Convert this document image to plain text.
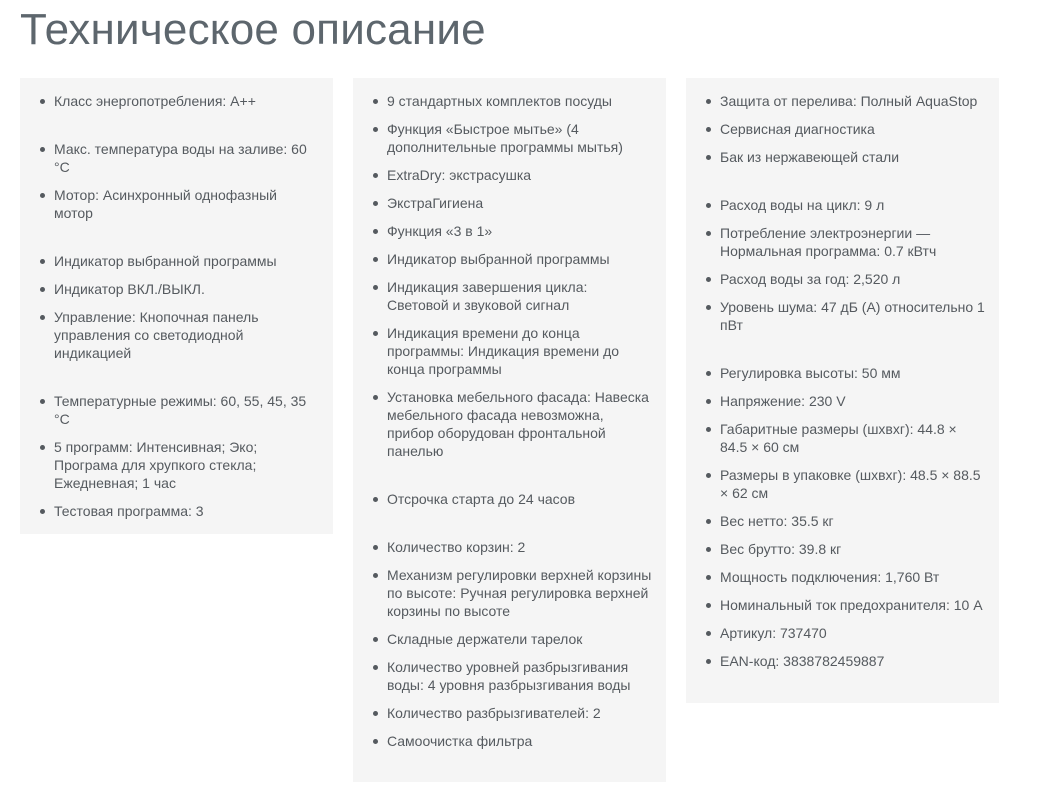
Техническое описание
Класс энергопотребления: A++
Макс. температура воды на заливе: 60 °C
Мотор: Асинхронный однофазный мотор
Индикатор выбранной программы
Индикатор ВКЛ./ВЫКЛ.
Управление: Кнопочная панель управления со светодиодной индикацией
Температурные режимы: 60, 55, 45, 35 °C
5 программ: Интенсивная; Эко; Програма для хрупкого стекла; Ежедневная; 1 час
Тестовая программа: 3
9 стандартных комплектов посуды
Функция «Быстрое мытье» (4 дополнительные программы мытья)
ExtraDry: экстрасушка
ЭкстраГигиена
Функция «3 в 1»
Индикатор выбранной программы
Индикация завершения цикла: Световой и звуковой сигнал
Индикация времени до конца программы: Индикация времени до конца программы
Установка мебельного фасада: Навеска мебельного фасада невозможна, прибор оборудован фронтальной панелью
Отсрочка старта до 24 часов
Количество корзин: 2
Механизм регулировки верхней корзины по высоте: Ручная регулировка верхней корзины по высоте
Складные держатели тарелок
Количество уровней разбрызгивания воды: 4 уровня разбрызгивания воды
Количество разбрызгивателей: 2
Самоочистка фильтра
Защита от перелива: Полный AquaStop
Сервисная диагностика
Бак из нержавеющей стали
Расход воды на цикл: 9 л
Потребление электроэнергии — Нормальная программа: 0.7 кВтч
Расход воды за год: 2,520 л
Уровень шума: 47 дБ (A) относительно 1 пВт
Регулировка высоты: 50 мм
Напряжение: 230 V
Габаритные размеры (шхвхг): 44.8 × 84.5 × 60 см
Размеры в упаковке (шхвхг): 48.5 × 88.5 × 62 см
Вес нетто: 35.5 кг
Вес брутто: 39.8 кг
Мощность подключения: 1,760 Вт
Номинальный ток предохранителя: 10 А
Артикул: 737470
EAN-код: 3838782459887
